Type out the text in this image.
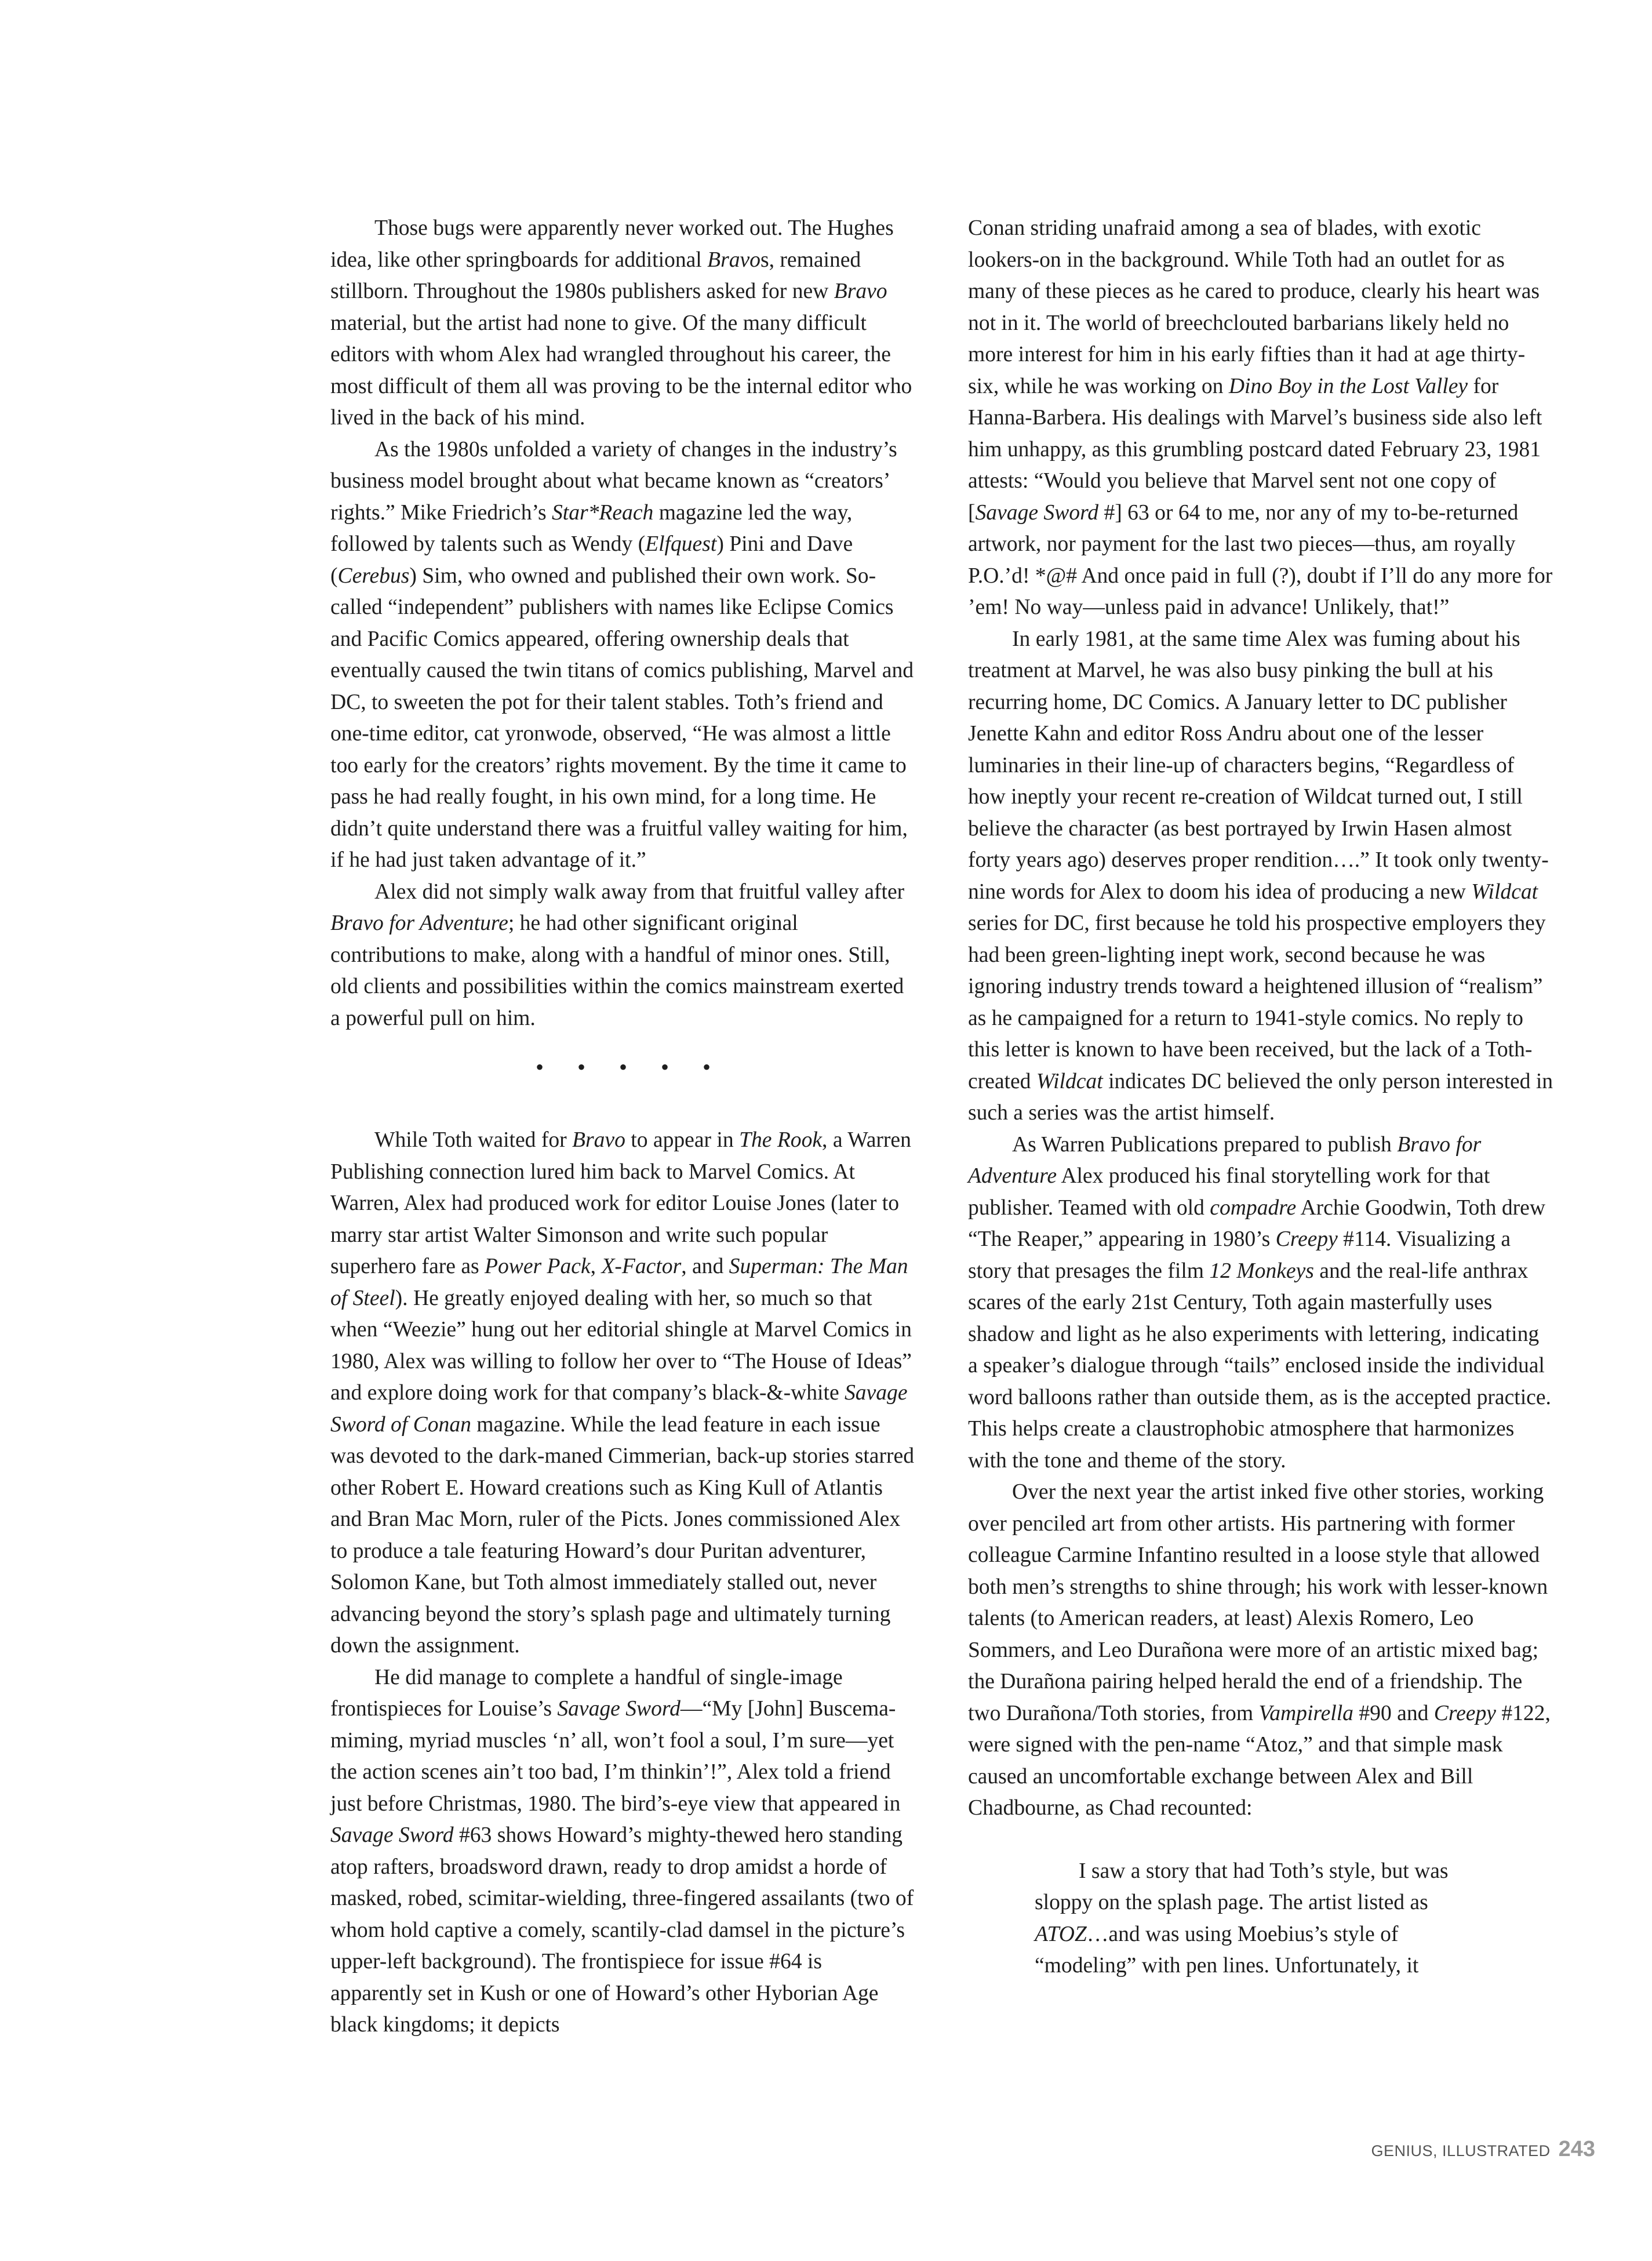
Those bugs were apparently never worked out. The Hughes idea, like other springboards for additional Bravos, remained stillborn. Throughout the 1980s publishers asked for new Bravo material, but the artist had none to give. Of the many difficult editors with whom Alex had wrangled throughout his career, the most difficult of them all was proving to be the internal editor who lived in the back of his mind.

As the 1980s unfolded a variety of changes in the industry’s business model brought about what became known as “creators’ rights.” Mike Friedrich’s Star*Reach magazine led the way, followed by talents such as Wendy (Elfquest) Pini and Dave (Cerebus) Sim, who owned and published their own work. So-called “independent” publishers with names like Eclipse Comics and Pacific Comics appeared, offering ownership deals that eventually caused the twin titans of comics publishing, Marvel and DC, to sweeten the pot for their talent stables. Toth’s friend and one-time editor, cat yronwode, observed, “He was almost a little too early for the creators’ rights movement. By the time it came to pass he had really fought, in his own mind, for a long time. He didn’t quite understand there was a fruitful valley waiting for him, if he had just taken advantage of it.”

Alex did not simply walk away from that fruitful valley after Bravo for Adventure; he had other significant original contributions to make, along with a handful of minor ones. Still, old clients and possibilities within the comics mainstream exerted a powerful pull on him.

• • • • •

While Toth waited for Bravo to appear in The Rook, a Warren Publishing connection lured him back to Marvel Comics. At Warren, Alex had produced work for editor Louise Jones (later to marry star artist Walter Simonson and write such popular superhero fare as Power Pack, X-Factor, and Superman: The Man of Steel). He greatly enjoyed dealing with her, so much so that when “Weezie” hung out her editorial shingle at Marvel Comics in 1980, Alex was willing to follow her over to “The House of Ideas” and explore doing work for that company’s black-&-white Savage Sword of Conan magazine. While the lead feature in each issue was devoted to the dark-maned Cimmerian, back-up stories starred other Robert E. Howard creations such as King Kull of Atlantis and Bran Mac Morn, ruler of the Picts. Jones commissioned Alex to produce a tale featuring Howard’s dour Puritan adventurer, Solomon Kane, but Toth almost immediately stalled out, never advancing beyond the story’s splash page and ultimately turning down the assignment.

He did manage to complete a handful of single-image frontispieces for Louise’s Savage Sword—“My [John] Buscema-miming, myriad muscles ‘n’ all, won’t fool a soul, I’m sure—yet the action scenes ain’t too bad, I’m thinkin’!”, Alex told a friend just before Christmas, 1980. The bird’s-eye view that appeared in Savage Sword #63 shows Howard’s mighty-thewed hero standing atop rafters, broadsword drawn, ready to drop amidst a horde of masked, robed, scimitar-wielding, three-fingered assailants (two of whom hold captive a comely, scantily-clad damsel in the picture’s upper-left background). The frontispiece for issue #64 is apparently set in Kush or one of Howard’s other Hyborian Age black kingdoms; it depicts

Conan striding unafraid among a sea of blades, with exotic lookers-on in the background. While Toth had an outlet for as many of these pieces as he cared to produce, clearly his heart was not in it. The world of breechclouted barbarians likely held no more interest for him in his early fifties than it had at age thirty-six, while he was working on Dino Boy in the Lost Valley for Hanna-Barbera. His dealings with Marvel’s business side also left him unhappy, as this grumbling postcard dated February 23, 1981 attests: “Would you believe that Marvel sent not one copy of [Savage Sword #] 63 or 64 to me, nor any of my to-be-returned artwork, nor payment for the last two pieces—thus, am royally P.O.’d! *@# And once paid in full (?), doubt if I’ll do any more for ’em! No way—unless paid in advance! Unlikely, that!”

In early 1981, at the same time Alex was fuming about his treatment at Marvel, he was also busy pinking the bull at his recurring home, DC Comics. A January letter to DC publisher Jenette Kahn and editor Ross Andru about one of the lesser luminaries in their line-up of characters begins, “Regardless of how ineptly your recent re-creation of Wildcat turned out, I still believe the character (as best portrayed by Irwin Hasen almost forty years ago) deserves proper rendition….” It took only twenty-nine words for Alex to doom his idea of producing a new Wildcat series for DC, first because he told his prospective employers they had been green-lighting inept work, second because he was ignoring industry trends toward a heightened illusion of “realism” as he campaigned for a return to 1941-style comics. No reply to this letter is known to have been received, but the lack of a Toth-created Wildcat indicates DC believed the only person interested in such a series was the artist himself.

As Warren Publications prepared to publish Bravo for Adventure Alex produced his final storytelling work for that publisher. Teamed with old compadre Archie Goodwin, Toth drew “The Reaper,” appearing in 1980’s Creepy #114. Visualizing a story that presages the film 12 Monkeys and the real-life anthrax scares of the early 21st Century, Toth again masterfully uses shadow and light as he also experiments with lettering, indicating a speaker’s dialogue through “tails” enclosed inside the individual word balloons rather than outside them, as is the accepted practice. This helps create a claustrophobic atmosphere that harmonizes with the tone and theme of the story.

Over the next year the artist inked five other stories, working over penciled art from other artists. His partnering with former colleague Carmine Infantino resulted in a loose style that allowed both men’s strengths to shine through; his work with lesser-known talents (to American readers, at least) Alexis Romero, Leo Sommers, and Leo Durañona were more of an artistic mixed bag; the Durañona pairing helped herald the end of a friendship. The two Durañona/Toth stories, from Vampirella #90 and Creepy #122, were signed with the pen-name “Atoz,” and that simple mask caused an uncomfortable exchange between Alex and Bill Chadbourne, as Chad recounted:

I saw a story that had Toth’s style, but was sloppy on the splash page. The artist listed as ATOZ…and was using Moebius’s style of “modeling” with pen lines. Unfortunately, it

GENIUS, ILLUSTRATED 243
